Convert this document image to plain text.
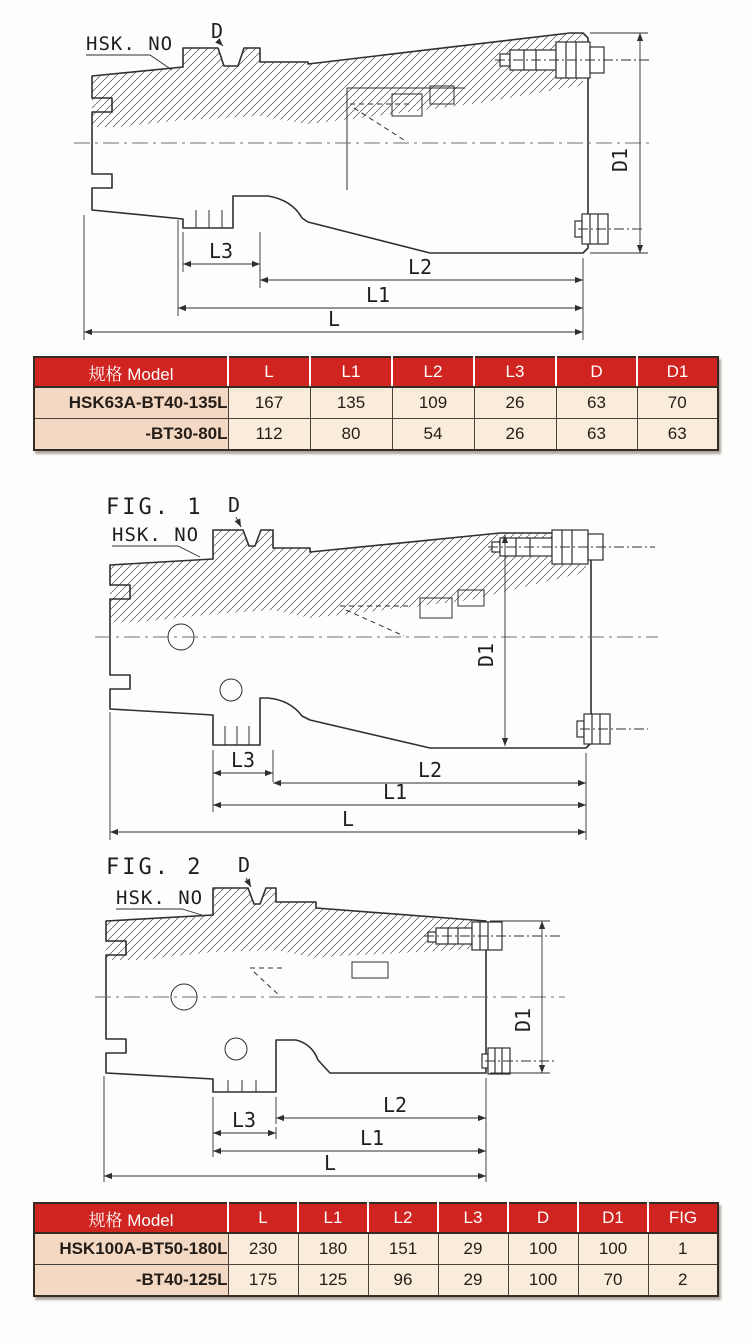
D1
L3
L2
L1
L
HSK. NO
D
规格 Model	L	L1	L2	L3	D	D1
HSK63A-BT40-135L	167	135	109	26	63	70
-BT30-80L	112	80	54	26	63	63
D1
L3	L2
L1
L
FIG. 1
HSK. NO
D
D1
L2
L3
L1
L
FIG. 2
HSK. NO
D
规格 Model	L	L1	L2	L3	D	D1	FIG
HSK100A-BT50-180L	230	180	151	29	100	100	1
-BT40-125L	175	125	96	29	100	70	2
